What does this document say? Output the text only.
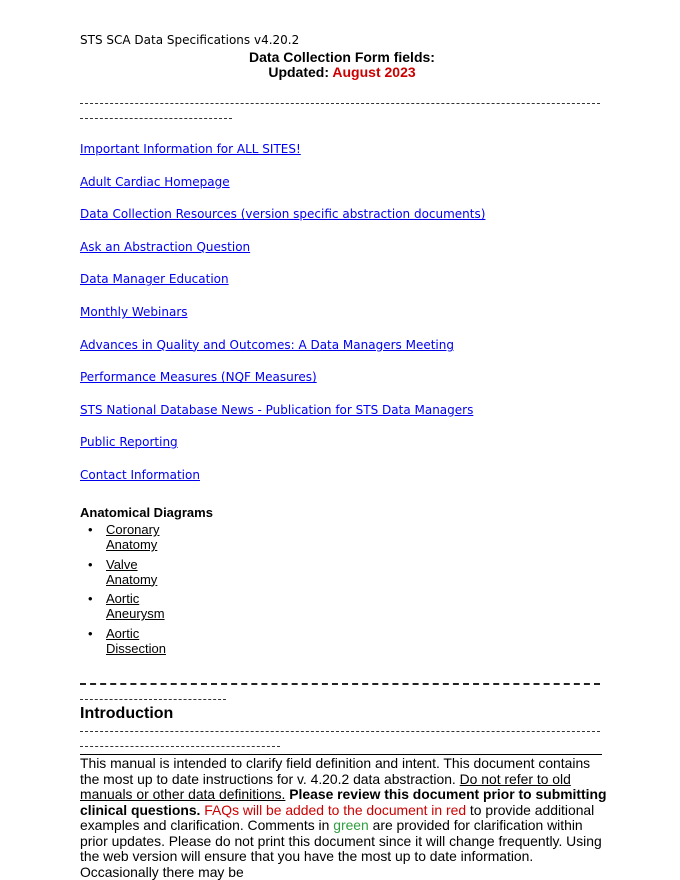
STS SCA Data Specifications v4.20.2
Data Collection Form fields:
Updated: August 2023
Important Information for ALL SITES!
Adult Cardiac Homepage
Data Collection Resources (version specific abstraction documents)
Ask an Abstraction Question
Data Manager Education
Monthly Webinars
Advances in Quality and Outcomes: A Data Managers Meeting
Performance Measures (NQF Measures)
STS National Database News - Publication for STS Data Managers
Public Reporting
Contact Information
Anatomical Diagrams
• Coronary Anatomy
• Valve Anatomy
• Aortic Aneurysm
• Aortic Dissection
Introduction
This manual is intended to clarify field definition and intent. This document contains the most up to date instructions for v. 4.20.2 data abstraction. Do not refer to old manuals or other data definitions. Please review this document prior to submitting clinical questions. FAQs will be added to the document in red to provide additional examples and clarification. Comments in green are provided for clarification within prior updates. Please do not print this document since it will change frequently. Using the web version will ensure that you have the most up to date information. Occasionally there may be
